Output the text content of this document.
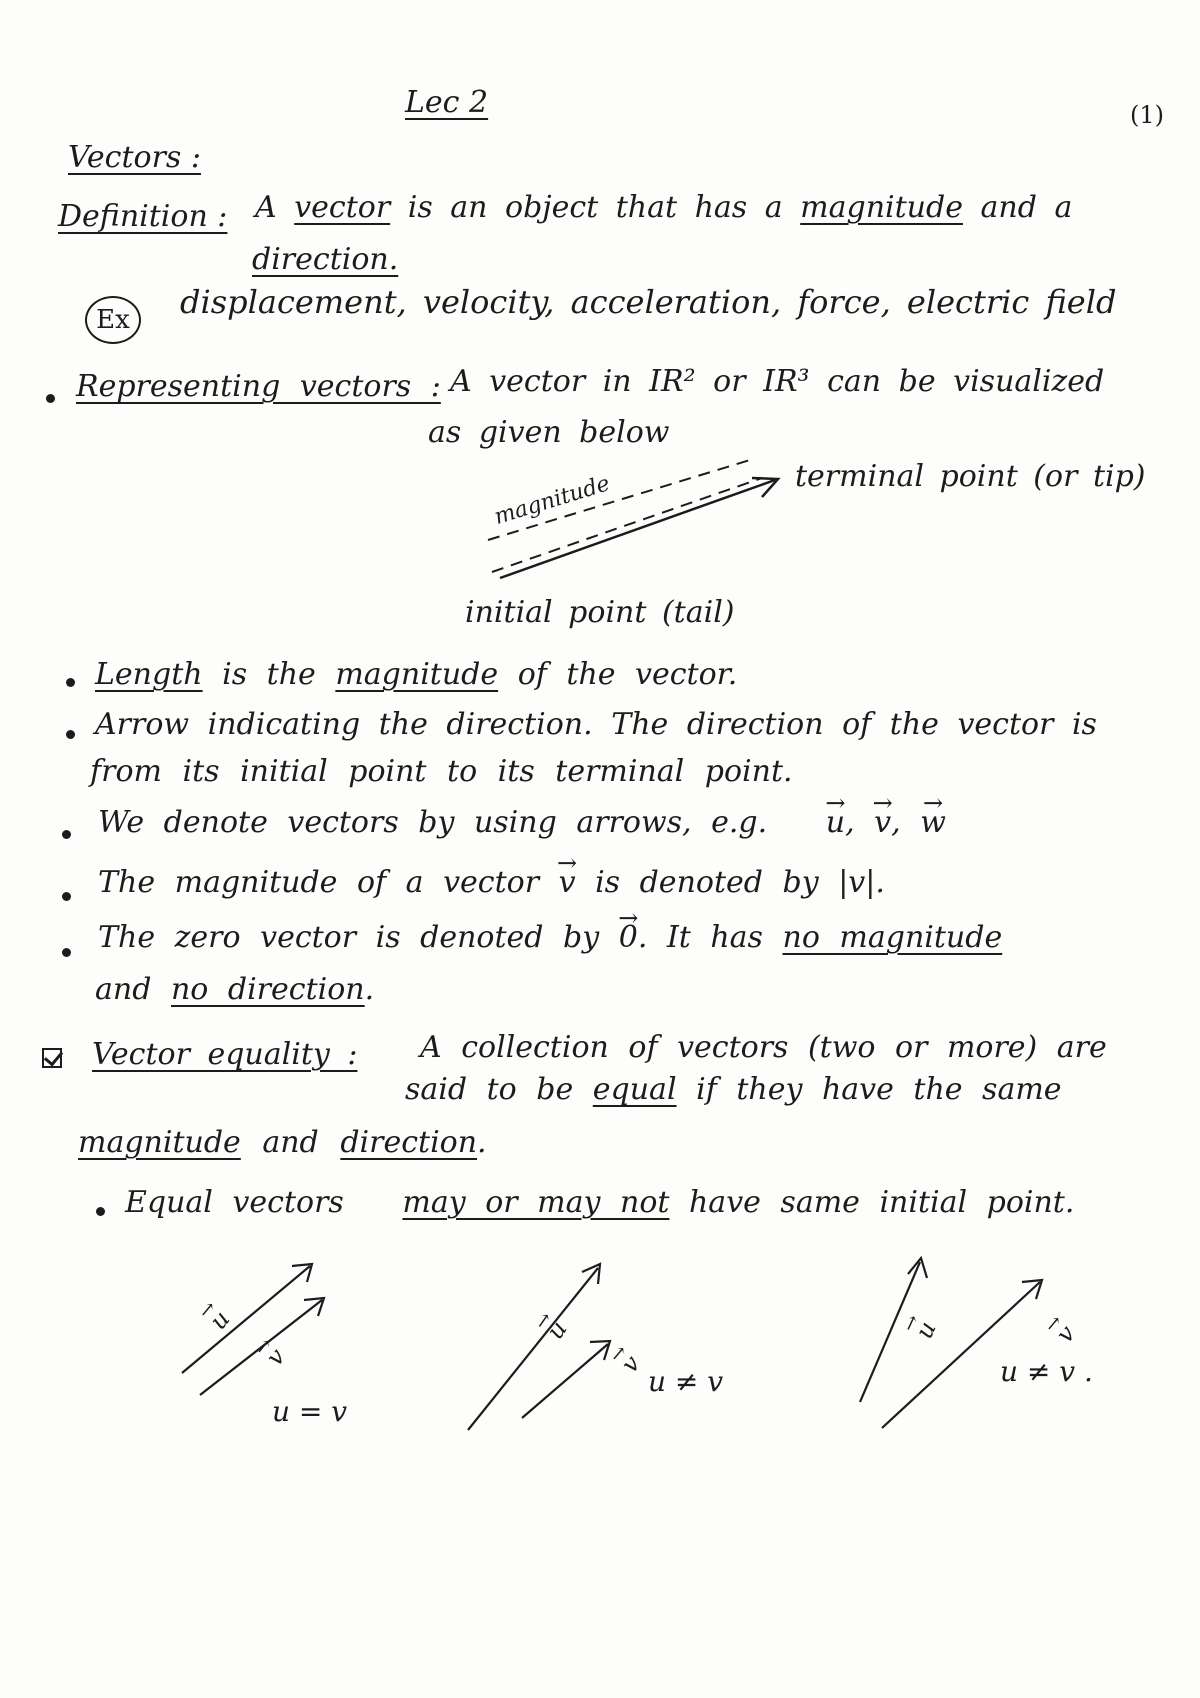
Lec 2	(1)
Vectors :
Definition : A vector is an object that has a magnitude and a
direction.
Ex displacement, velocity, acceleration, force, electric field
Representing vectors : A vector in IR² or IR³ can be visualized
as given below
magnitude	terminal point (or tip)
initial point (tail)
Length is the magnitude of the vector.
Arrow indicating the direction. The direction of the vector is
from its initial point to its terminal point.
We denote vectors by using arrows, e.g. → u, → v, → w
The magnitude of a vector → v is denoted by |v|.
The zero vector is denoted by → 0. It has no magnitude
and no direction.
Vector equality : A collection of vectors (two or more) are
said to be equal if they have the same
magnitude and direction.
Equal vectors may or may not have same initial point.
→ u → v
u = v
→ u → v
u ≠ v
→ u	→ v
u ≠ v .
